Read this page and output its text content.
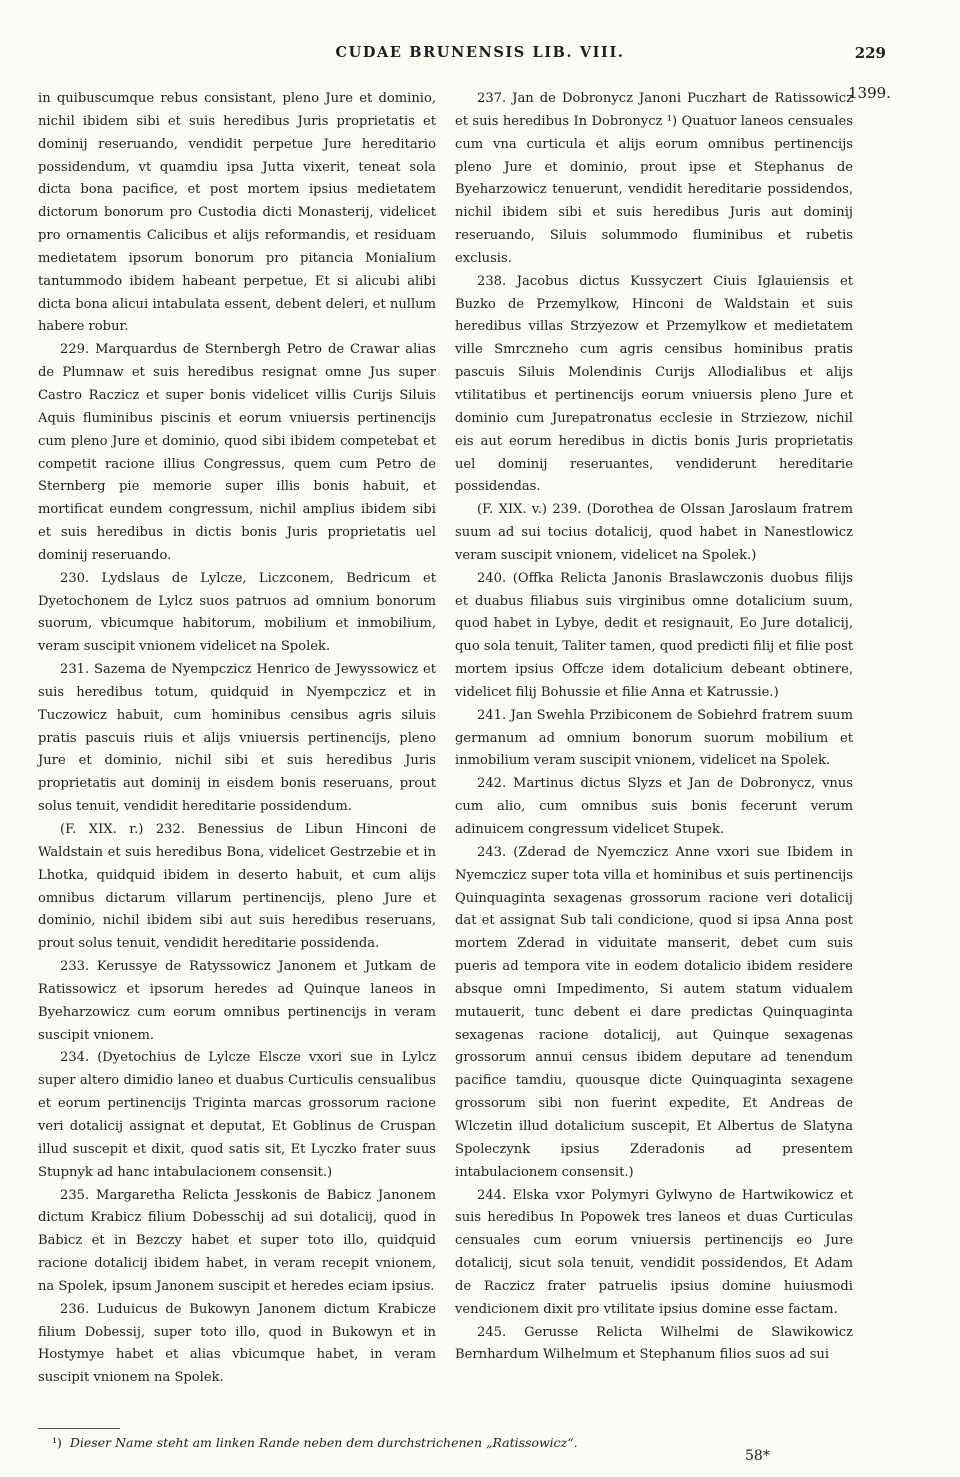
CUDAE BRUNENSIS LIB. VIII.	229
1399.

in quibuscumque rebus consistant, pleno Jure et dominio, nichil ibidem sibi et suis heredibus Juris proprietatis et dominij reseruando, vendidit perpetue Jure hereditario possidendum, vt quamdiu ipsa Jutta vixerit, teneat sola dicta bona pacifice, et post mortem ipsius medietatem dictorum bonorum pro Custodia dicti Monasterij, videlicet pro ornamentis Calicibus et alijs reformandis, et residuam medietatem ipsorum bonorum pro pitancia Monialium tantummodo ibidem habeant perpetue, Et si alicubi alibi dicta bona alicui intabulata essent, debent deleri, et nullum habere robur.

229. Marquardus de Sternbergh Petro de Crawar alias de Plumnaw et suis heredibus resignat omne Jus super Castro Raczicz et super bonis videlicet villis Curijs Siluis Aquis fluminibus piscinis et eorum vniuersis pertinencijs cum pleno Jure et dominio, quod sibi ibidem competebat et competit racione illius Congressus, quem cum Petro de Sternberg pie memorie super illis bonis habuit, et mortificat eundem congressum, nichil amplius ibidem sibi et suis heredibus in dictis bonis Juris proprietatis uel dominij reseruando.

230. Lydslaus de Lylcze, Liczconem, Bedricum et Dyetochonem de Lylcz suos patruos ad omnium bonorum suorum, vbicumque habitorum, mobilium et inmobilium, veram suscipit vnionem videlicet na Spolek.

231. Sazema de Nyempczicz Henrico de Jewyssowicz et suis heredibus totum, quidquid in Nyempczicz et in Tuczowicz habuit, cum hominibus censibus agris siluis pratis pascuis riuis et alijs vniuersis pertinencijs, pleno Jure et dominio, nichil sibi et suis heredibus Juris proprietatis aut dominij in eisdem bonis reseruans, prout solus tenuit, vendidit hereditarie possidendum.

(F. XIX. r.) 232. Benessius de Libun Hinconi de Waldstain et suis heredibus Bona, videlicet Gestrzebie et in Lhotka, quidquid ibidem in deserto habuit, et cum alijs omnibus dictarum villarum pertinencijs, pleno Jure et dominio, nichil ibidem sibi aut suis heredibus reseruans, prout solus tenuit, vendidit hereditarie possidenda.

233. Kerussye de Ratyssowicz Janonem et Jutkam de Ratissowicz et ipsorum heredes ad Quinque laneos in Byeharzowicz cum eorum omnibus pertinencijs in veram suscipit vnionem.

234. (Dyetochius de Lylcze Elscze vxori sue in Lylcz super altero dimidio laneo et duabus Curticulis censualibus et eorum pertinencijs Triginta marcas grossorum racione veri dotalicij assignat et deputat, Et Goblinus de Cruspan illud suscepit et dixit, quod satis sit, Et Lyczko frater suus Stupnyk ad hanc intabulacionem consensit.)

235. Margaretha Relicta Jesskonis de Babicz Janonem dictum Krabicz filium Dobesschij ad sui dotalicij, quod in Babicz et in Bezczy habet et super toto illo, quidquid racione dotalicij ibidem habet, in veram recepit vnionem, na Spolek, ipsum Janonem suscipit et heredes eciam ipsius.

236. Luduicus de Bukowyn Janonem dictum Krabicze filium Dobessij, super toto illo, quod in Bukowyn et in Hostymye habet et alias vbicumque habet, in veram suscipit vnionem na Spolek.

237. Jan de Dobronycz Janoni Puczhart de Ratissowicz et suis heredibus In Dobronycz ¹) Quatuor laneos censuales cum vna curticula et alijs eorum omnibus pertinencijs pleno Jure et dominio, prout ipse et Stephanus de Byeharzowicz tenuerunt, vendidit hereditarie possidendos, nichil ibidem sibi et suis heredibus Juris aut dominij reseruando, Siluis solummodo fluminibus et rubetis exclusis.

238. Jacobus dictus Kussyczert Ciuis Iglauiensis et Buzko de Przemylkow, Hinconi de Waldstain et suis heredibus villas Strzyezow et Przemylkow et medietatem ville Smrczneho cum agris censibus hominibus pratis pascuis Siluis Molendinis Curijs Allodialibus et alijs vtilitatibus et pertinencijs eorum vniuersis pleno Jure et dominio cum Jurepatronatus ecclesie in Strziezow, nichil eis aut eorum heredibus in dictis bonis Juris proprietatis uel dominij reseruantes, vendiderunt hereditarie possidendas.

(F. XIX. v.) 239. (Dorothea de Olssan Jaroslaum fratrem suum ad sui tocius dotalicij, quod habet in Nanestlowicz veram suscipit vnionem, videlicet na Spolek.)

240. (Offka Relicta Janonis Braslawczonis duobus filijs et duabus filiabus suis virginibus omne dotalicium suum, quod habet in Lybye, dedit et resignauit, Eo Jure dotalicij, quo sola tenuit, Taliter tamen, quod predicti filij et filie post mortem ipsius Offcze idem dotalicium debeant obtinere, videlicet filij Bohussie et filie Anna et Katrussie.)

241. Jan Swehla Przibiconem de Sobiehrd fratrem suum germanum ad omnium bonorum suorum mobilium et inmobilium veram suscipit vnionem, videlicet na Spolek.

242. Martinus dictus Slyzs et Jan de Dobronycz, vnus cum alio, cum omnibus suis bonis fecerunt verum adinuicem congressum videlicet Stupek.

243. (Zderad de Nyemczicz Anne vxori sue Ibidem in Nyemczicz super tota villa et hominibus et suis pertinencijs Quinquaginta sexagenas grossorum racione veri dotalicij dat et assignat Sub tali condicione, quod si ipsa Anna post mortem Zderad in viduitate manserit, debet cum suis pueris ad tempora vite in eodem dotalicio ibidem residere absque omni Impedimento, Si autem statum vidualem mutauerit, tunc debent ei dare predictas Quinquaginta sexagenas racione dotalicij, aut Quinque sexagenas grossorum annui census ibidem deputare ad tenendum pacifice tamdiu, quousque dicte Quinquaginta sexagene grossorum sibi non fuerint expedite, Et Andreas de Wlczetin illud dotalicium suscepit, Et Albertus de Slatyna Spoleczynk ipsius Zderadonis ad presentem intabulacionem consensit.)

244. Elska vxor Polymyri Gylwyno de Hartwikowicz et suis heredibus In Popowek tres laneos et duas Curticulas censuales cum eorum vniuersis pertinencijs eo Jure dotalicij, sicut sola tenuit, vendidit possidendos, Et Adam de Raczicz frater patruelis ipsius domine huiusmodi vendicionem dixit pro vtilitate ipsius domine esse factam.

245. Gerusse Relicta Wilhelmi de Slawikowicz Bernhardum Wilhelmum et Stephanum filios suos ad sui

¹) Dieser Name steht am linken Rande neben dem durchstrichenen „Ratissowicz“.
58*
